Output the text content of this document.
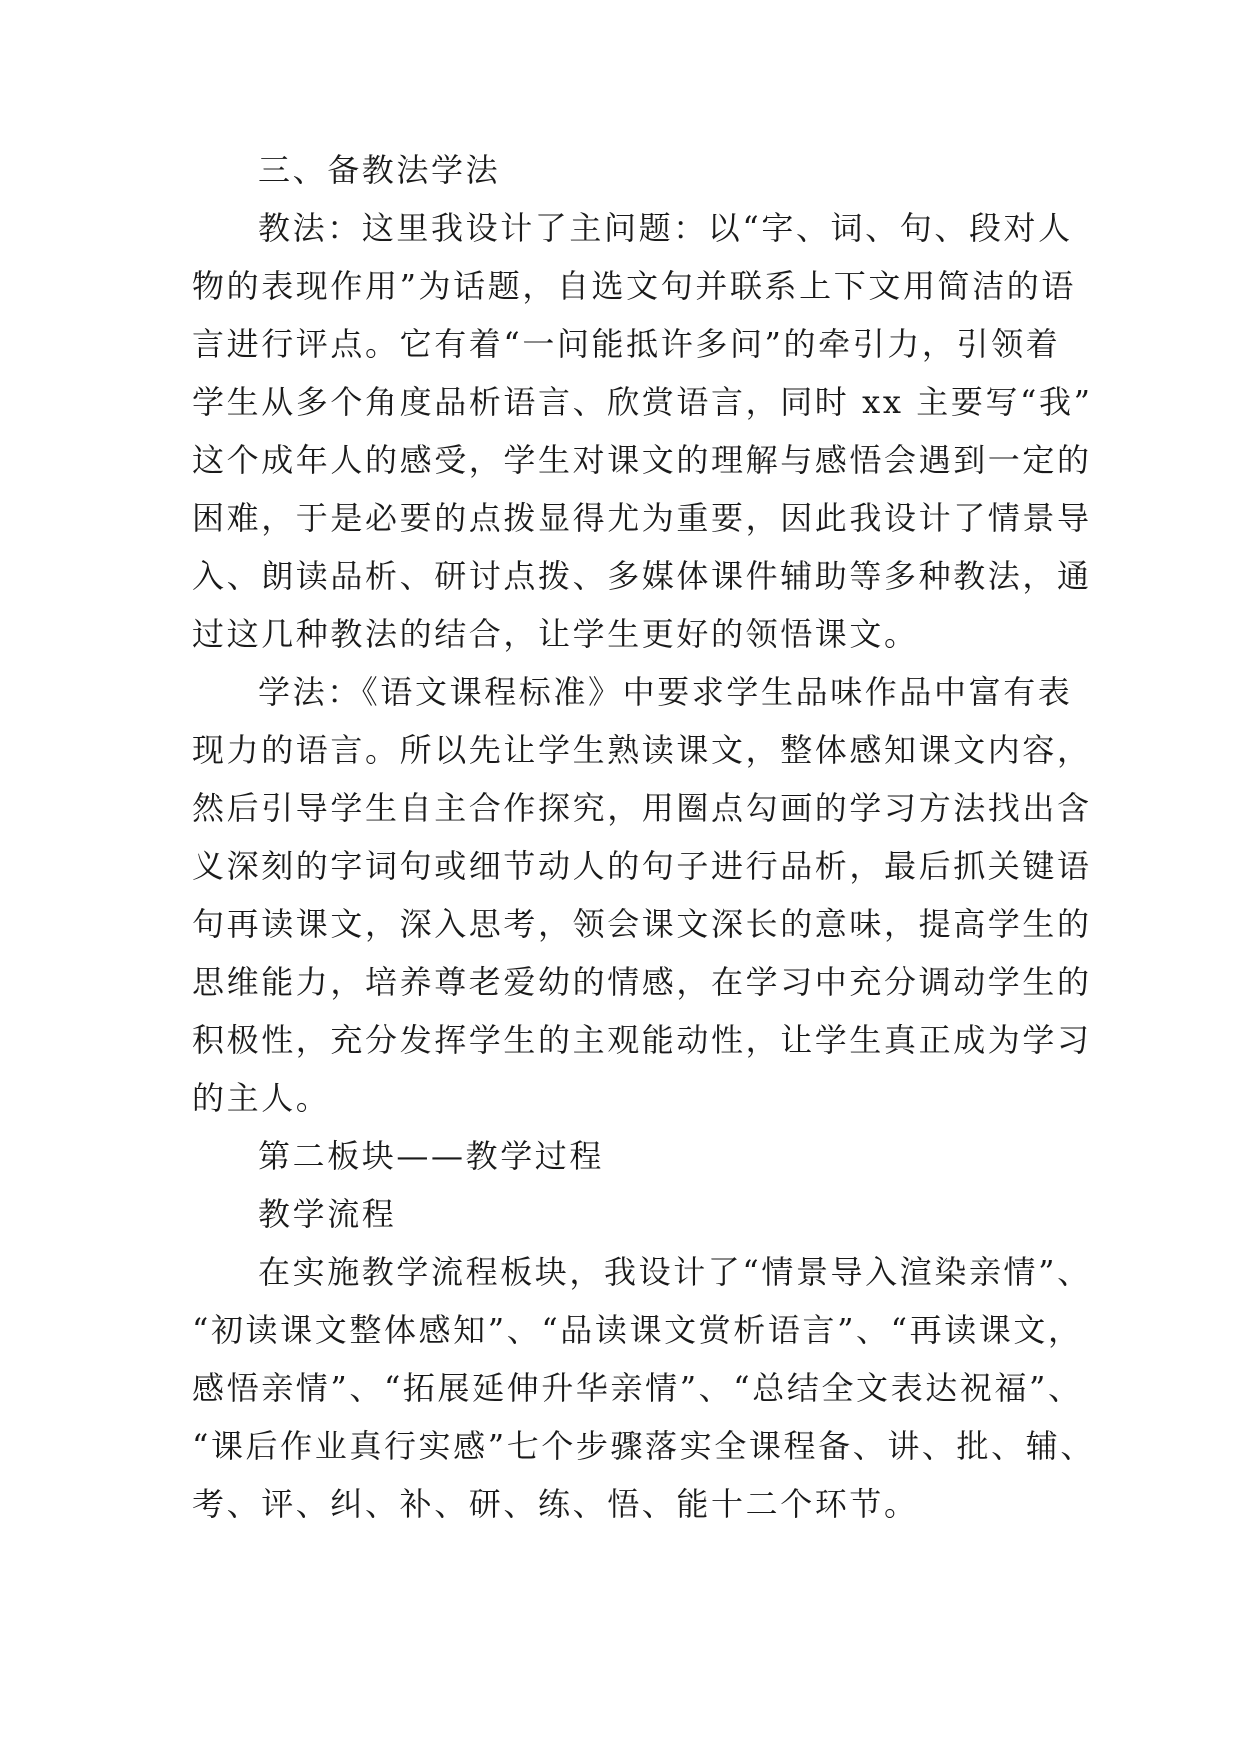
三、备教法学法
教法：这里我设计了主问题：以“字、词、句、段对人
物的表现作用”为话题，自选文句并联系上下文用简洁的语
言进行评点。它有着“一问能抵许多问”的牵引力，引领着
学生从多个角度品析语言、欣赏语言，同时 xx 主要写“我”
这个成年人的感受，学生对课文的理解与感悟会遇到一定的
困难，于是必要的点拨显得尤为重要，因此我设计了情景导
入、朗读品析、研讨点拨、多媒体课件辅助等多种教法，通
过这几种教法的结合，让学生更好的领悟课文。
学法：《语文课程标准》中要求学生品味作品中富有表
现力的语言。所以先让学生熟读课文，整体感知课文内容，
然后引导学生自主合作探究，用圈点勾画的学习方法找出含
义深刻的字词句或细节动人的句子进行品析，最后抓关键语
句再读课文，深入思考，领会课文深长的意味，提高学生的
思维能力，培养尊老爱幼的情感，在学习中充分调动学生的
积极性，充分发挥学生的主观能动性，让学生真正成为学习
的主人。
第二板块——教学过程
教学流程
在实施教学流程板块，我设计了“情景导入渲染亲情”、
“初读课文整体感知”、“品读课文赏析语言”、“再读课文，
感悟亲情”、“拓展延伸升华亲情”、“总结全文表达祝福”、
“课后作业真行实感”七个步骤落实全课程备、讲、批、辅、
考、评、纠、补、研、练、悟、能十二个环节。
